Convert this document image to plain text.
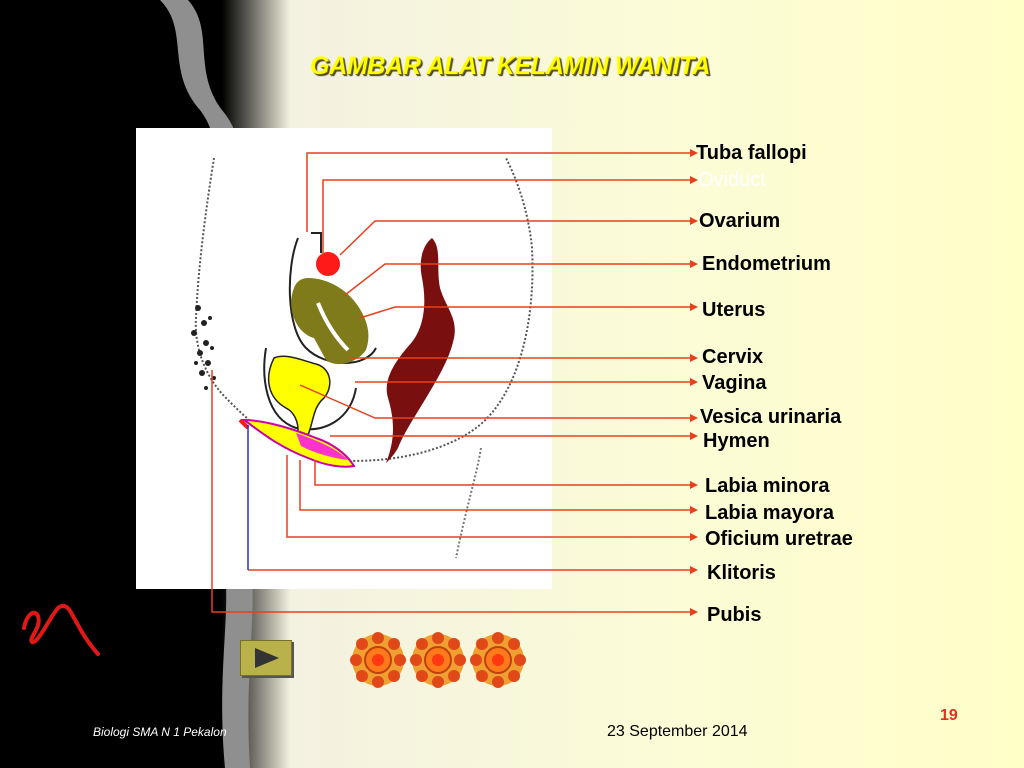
GAMBAR ALAT KELAMIN WANITA
Tuba fallopi
Oviduct
Ovarium
Endometrium
Uterus
Cervix
Vagina
Vesica urinaria
Hymen
Labia minora
Labia mayora
Oficium uretrae
Klitoris
Pubis
Biologi SMA N 1 Pekalon	23 September 2014
19
